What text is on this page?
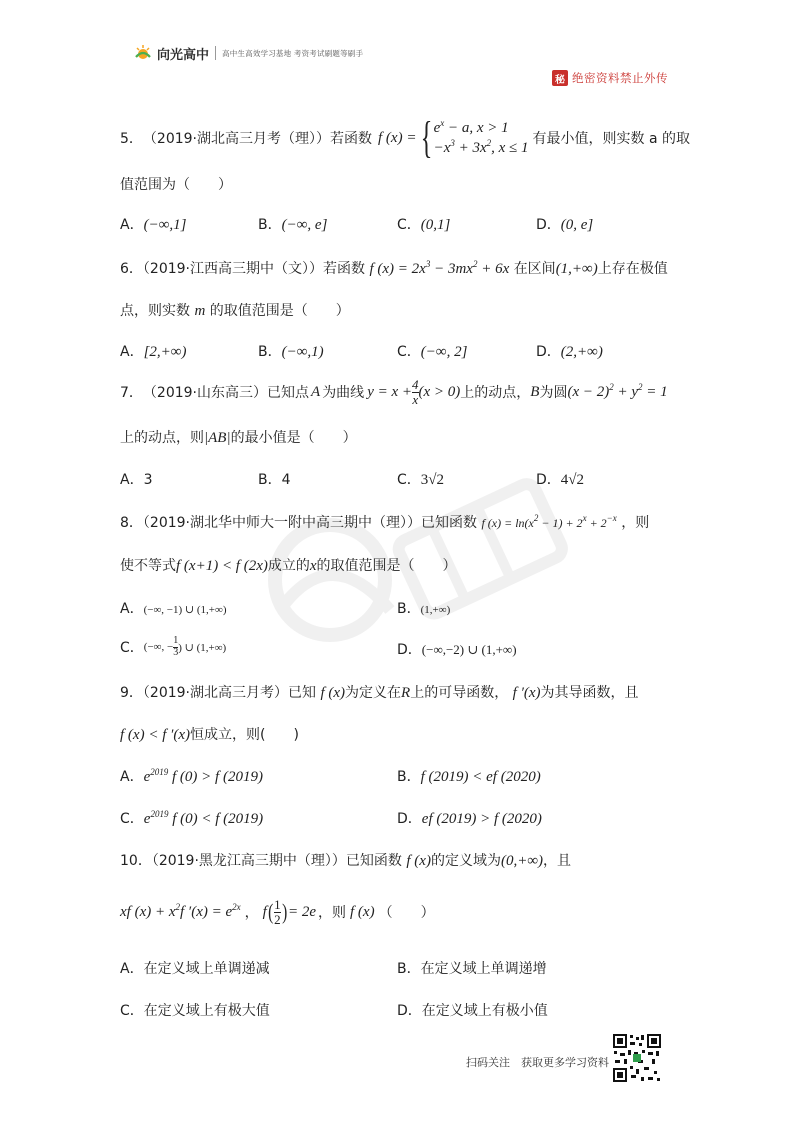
向光高中 高中生高效学习基地 考资考试刷题等刷手
秘 绝密资料禁止外传
5． （2019·湖北高三月考（理）） 若函数 f (x) = { $e^x - a$, x > 1
$-x^3 + 3x^2$, x ≤ 1
有最小值，则实数 a 的取
值范围为（　　）
A．(−∞,1]	B．(−∞, e]	C．(0,1]	D．(0, e]
6．（2019·江西高三期中（文））若函数 f $(x) = 2x^3 - 3mx^2 + 6x$ 在区间(1,+∞)上存在极值
点，则实数 m 的取值范围是（　　）
A．[2,+∞)	B．(−∞,1)	C．(−∞, 2]	D．(2,+∞)
7． （2019·山东高三） 已知点 A 为曲线 $y = x + \frac{4}{x} (x > 0)$ 上的动点， B 为圆 $(x - 2)^2 + y^2 = 1$
上的动点，则|AB|的最小值是（　　）
A．3	B．4	C．3√2	D．4√2
8．（2019·湖北华中师大一附中高三期中（理））已知函数 f $(x) = \ln(x^2 - 1) + 2^x + 2^{-x}$ ，则
使不等式f (x+1) < f (2x)成立的x的取值范围是（　　）
A．(−∞, −1) ∪ (1,+∞)	B．(1,+∞)
C． (−∞, − $\frac{1}{3}$ ) ∪ (1,+∞)	D．(−∞,−2) ∪ (1,+∞)
9．（2019·湖北高三月考）已知 f (x)为定义在R上的可导函数， f ′(x)为其导函数，且
f (x) < f ′(x)恒成立，则(　　)
A．$e^{2019}$ f (0) > f (2019)	B．f (2019) < ef (2020)
C．$e^{2019}$ f (0) < f (2019)	D．ef (2019) > f (2020)
10．（2019·黑龙江高三期中（理））已知函数 f (x)的定义域为(0,+∞)，且
xf $(x) + x^2f$ $'(x) = e^{2x}$ ， f ( $\frac{1}{2}$ ) = 2e ，则 f (x) （　　）
A．在定义域上单调递减	B．在定义域上单调递增
C．在定义域上有极大值	D．在定义域上有极小值
扫码关注　获取更多学习资料
